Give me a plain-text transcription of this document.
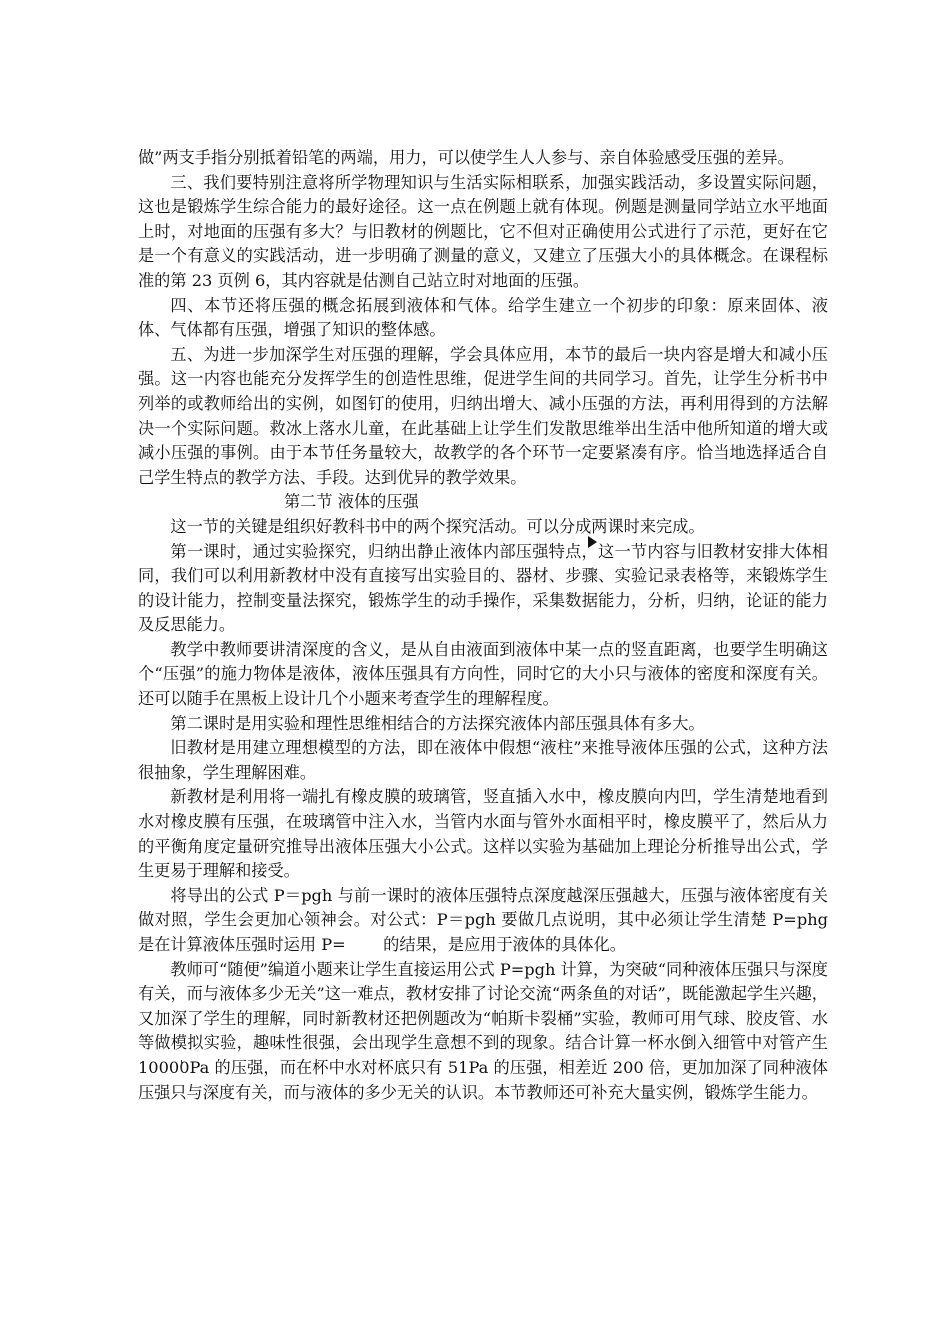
做”两支手指分别抵着铅笔的两端，用力，可以使学生人人参与、亲自体验感受压强的差异。

三、我们要特别注意将所学物理知识与生活实际相联系，加强实践活动，多设置实际问题，这也是锻炼学生综合能力的最好途径。这一点在例题上就有体现。例题是测量同学站立水平地面上时，对地面的压强有多大？与旧教材的例题比，它不但对正确使用公式进行了示范，更好在它是一个有意义的实践活动，进一步明确了测量的意义，又建立了压强大小的具体概念。在课程标准的第 23 页例 6，其内容就是估测自己站立时对地面的压强。

四、本节还将压强的概念拓展到液体和气体。给学生建立一个初步的印象：原来固体、液体、气体都有压强，增强了知识的整体感。

五、为进一步加深学生对压强的理解，学会具体应用，本节的最后一块内容是增大和减小压强。这一内容也能充分发挥学生的创造性思维，促进学生间的共同学习。首先，让学生分析书中列举的或教师给出的实例，如图钉的使用，归纳出增大、减小压强的方法，再利用得到的方法解决一个实际问题。救冰上落水儿童，在此基础上让学生们发散思维举出生活中他所知道的增大或减小压强的事例。由于本节任务量较大，故教学的各个环节一定要紧凑有序。恰当地选择适合自己学生特点的教学方法、手段。达到优异的教学效果。

第二节 液体的压强

这一节的关键是组织好教科书中的两个探究活动。可以分成两课时来完成。

第一课时，通过实验探究，归纳出静止液体内部压强特点，这一节内容与旧教材安排大体相同，我们可以利用新教材中没有直接写出实验目的、器材、步骤、实验记录表格等，来锻炼学生的设计能力，控制变量法探究，锻炼学生的动手操作，采集数据能力，分析，归纳，论证的能力及反思能力。

教学中教师要讲清深度的含义，是从自由液面到液体中某一点的竖直距离，也要学生明确这个“压强”的施力物体是液体，液体压强具有方向性，同时它的大小只与液体的密度和深度有关。还可以随手在黑板上设计几个小题来考查学生的理解程度。

第二课时是用实验和理性思维相结合的方法探究液体内部压强具体有多大。

旧教材是用建立理想模型的方法，即在液体中假想“液柱”来推导液体压强的公式，这种方法很抽象，学生理解困难。

新教材是利用将一端扎有橡皮膜的玻璃管，竖直插入水中，橡皮膜向内凹，学生清楚地看到水对橡皮膜有压强，在玻璃管中注入水，当管内水面与管外水面相平时，橡皮膜平了，然后从力的平衡角度定量研究推导出液体压强大小公式。这样以实验为基础加上理论分析推导出公式，学生更易于理解和接受。

将导出的公式 P＝pgh 与前一课时的液体压强特点深度越深压强越大，压强与液体密度有关做对照，学生会更加心领神会。对公式：P＝pgh 要做几点说明，其中必须让学生清楚 P=phg 是在计算液体压强时运用 P=　　 的结果，是应用于液体的具体化。

教师可“随便”编道小题来让学生直接运用公式 P=pgh 计算，为突破“同种液体压强只与深度有关，而与液体多少无关”这一难点，教材安排了讨论交流“两条鱼的对话”，既能激起学生兴趣，又加深了学生的理解，同时新教材还把例题改为“帕斯卡裂桶”实验，教师可用气球、胶皮管、水等做模拟实验，趣味性很强，会出现学生意想不到的现象。结合计算一杯水倒入细管中对管产生 10000Pa 的压强，而在杯中水对杯底只有 51Pa 的压强，相差近 200 倍，更加加深了同种液体压强只与深度有关，而与液体的多少无关的认识。本节教师还可补充大量实例，锻炼学生能力。
